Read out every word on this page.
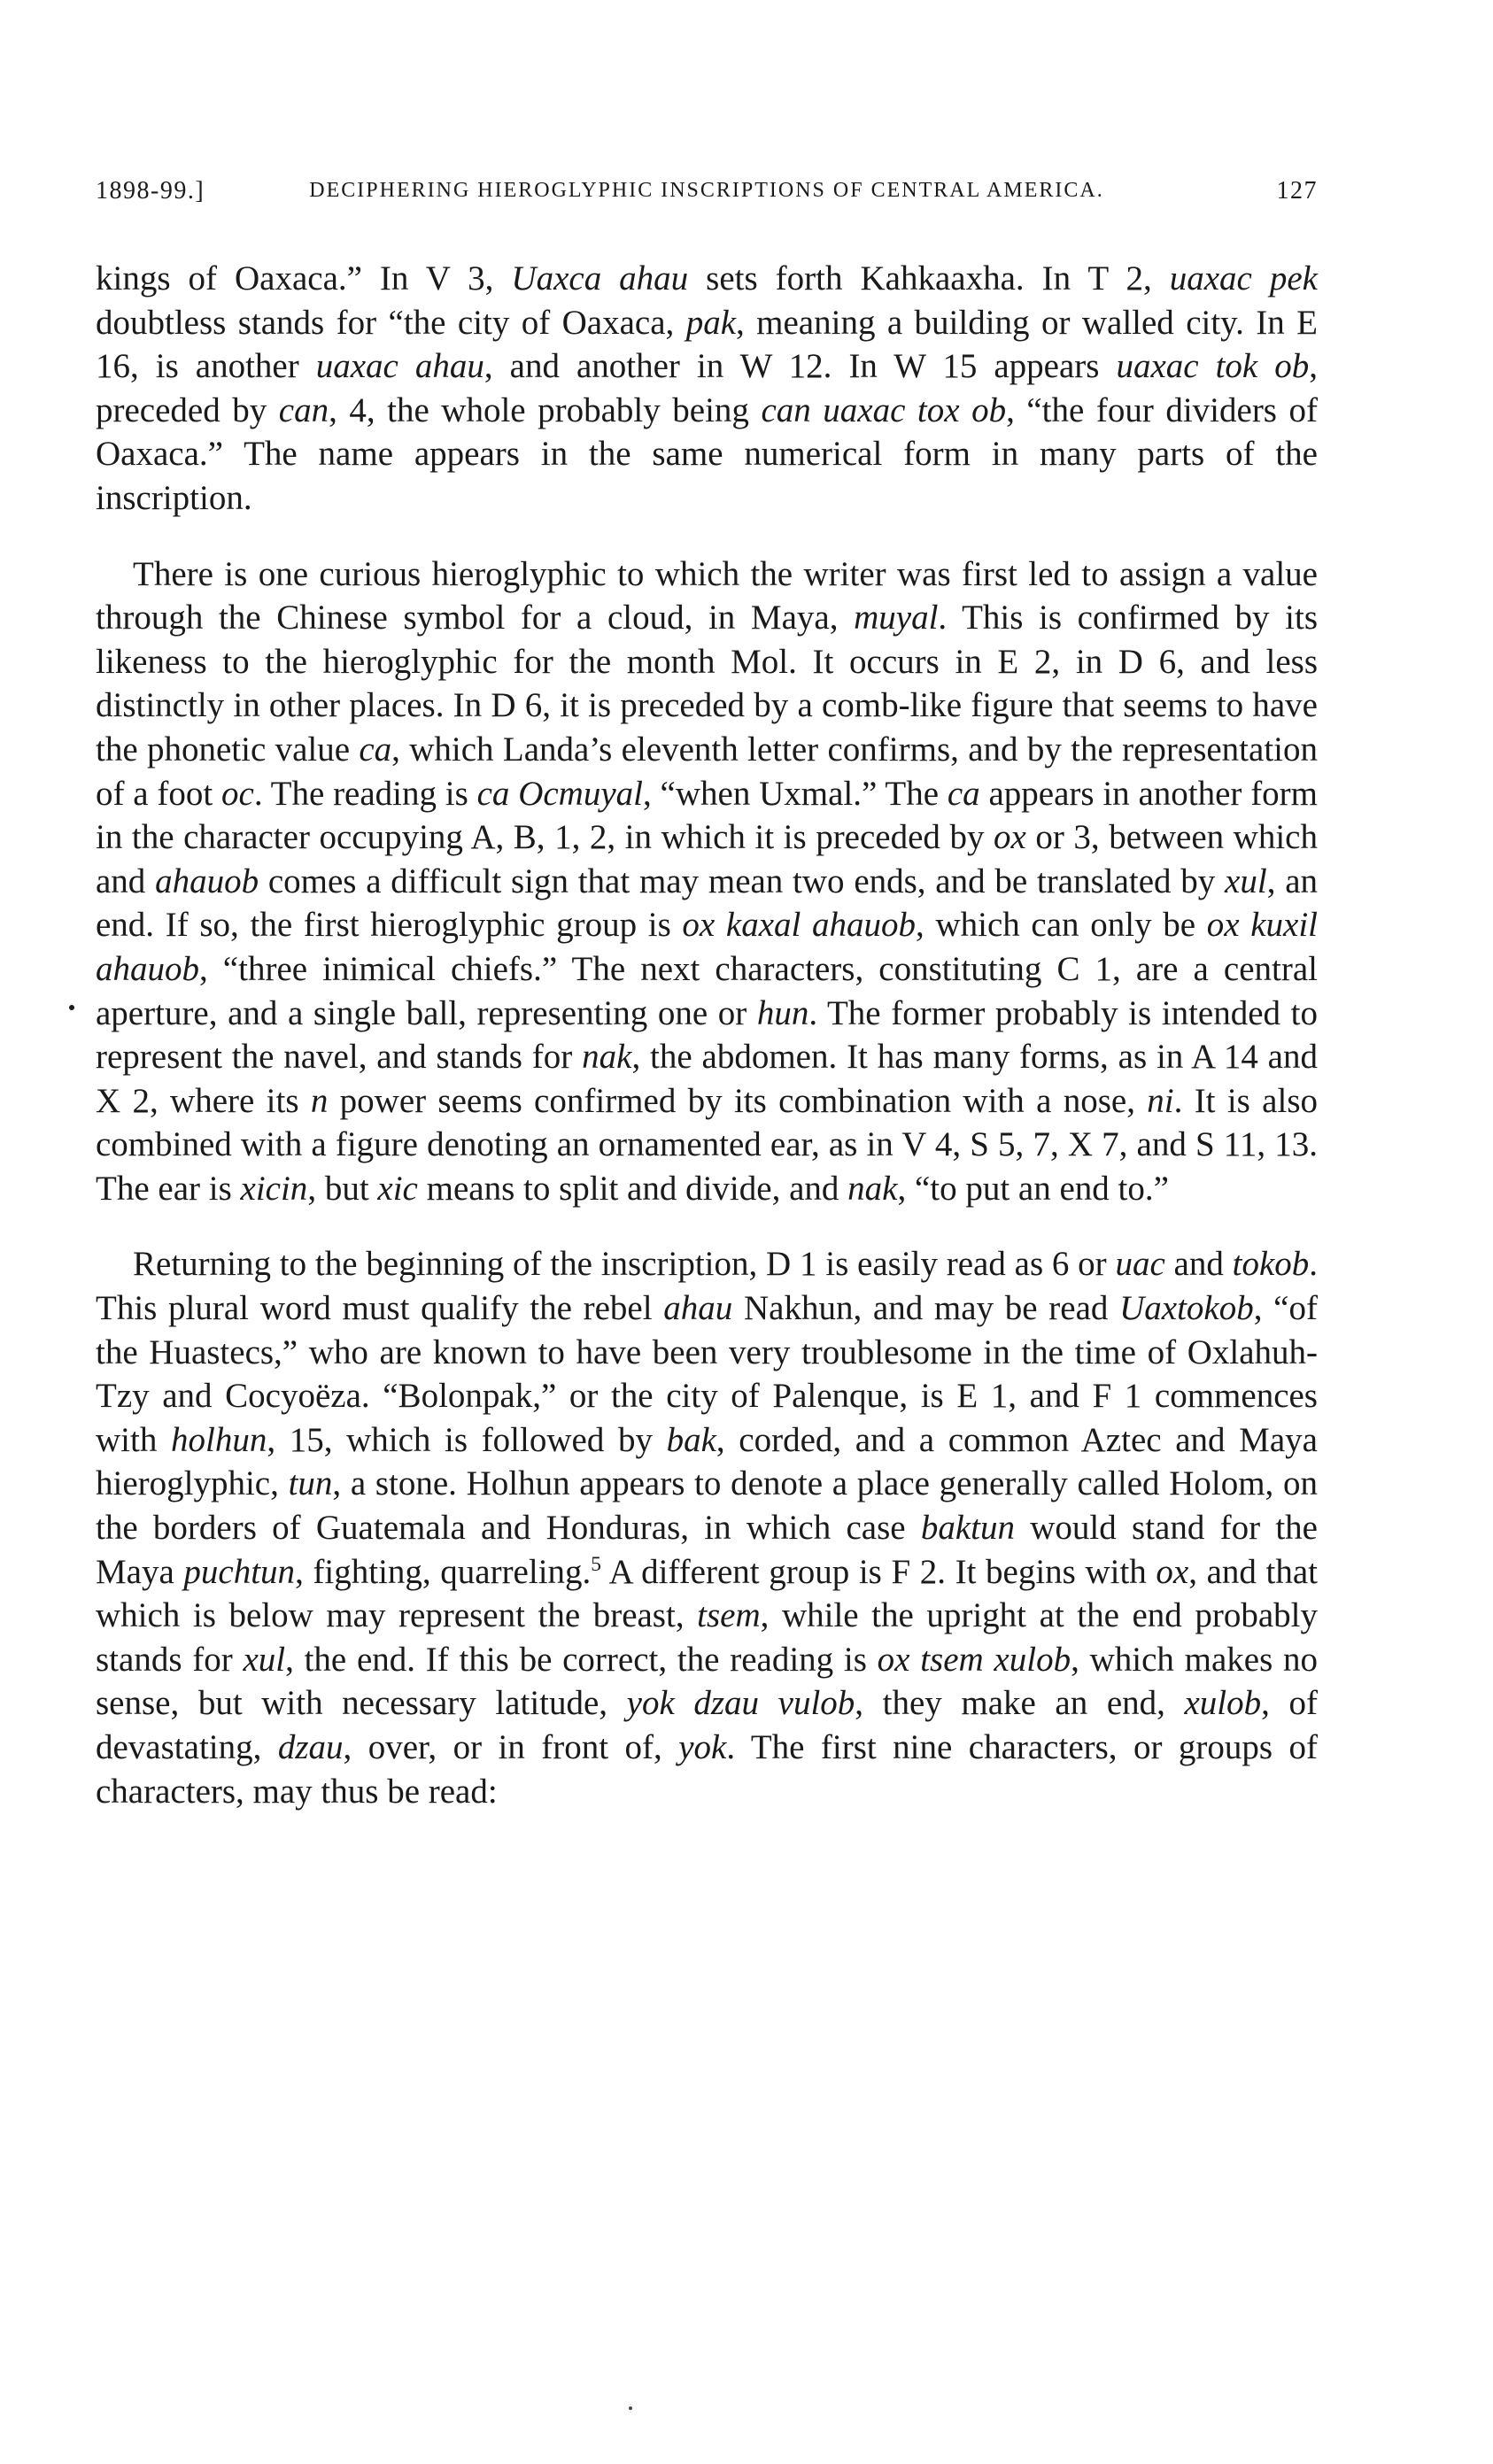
1898-99.]	DECIPHERING HIEROGLYPHIC INSCRIPTIONS OF CENTRAL AMERICA.	127

kings of Oaxaca.” In V 3, Uaxca ahau sets forth Kahkaaxha. In T 2, uaxac pek doubtless stands for “the city of Oaxaca, pak, meaning a building or walled city. In E 16, is another uaxac ahau, and another in W 12. In W 15 appears uaxac tok ob, preceded by can, 4, the whole probably being can uaxac tox ob, “the four dividers of Oaxaca.” The name appears in the same numerical form in many parts of the inscription.

There is one curious hieroglyphic to which the writer was first led to assign a value through the Chinese symbol for a cloud, in Maya, muyal. This is confirmed by its likeness to the hieroglyphic for the month Mol. It occurs in E 2, in D 6, and less distinctly in other places. In D 6, it is preceded by a comb-like figure that seems to have the phonetic value ca, which Landa’s eleventh letter confirms, and by the representation of a foot oc. The reading is ca Ocmuyal, “when Uxmal.” The ca appears in another form in the character occupying A, B, 1, 2, in which it is preceded by ox or 3, between which and ahauob comes a difficult sign that may mean two ends, and be translated by xul, an end. If so, the first hieroglyphic group is ox kaxal ahauob, which can only be ox kuxil ahauob, “three inimical chiefs.” The next characters, constituting C 1, are a central aperture, and a single ball, representing one or hun. The former probably is intended to represent the navel, and stands for nak, the abdomen. It has many forms, as in A 14 and X 2, where its n power seems confirmed by its combination with a nose, ni. It is also combined with a figure denoting an ornamented ear, as in V 4, S 5, 7, X 7, and S 11, 13. The ear is xicin, but xic means to split and divide, and nak, “to put an end to.”

Returning to the beginning of the inscription, D 1 is easily read as 6 or uac and tokob. This plural word must qualify the rebel ahau Nakhun, and may be read Uaxtokob, “of the Huastecs,” who are known to have been very troublesome in the time of Oxlahuh-Tzy and Cocyoëza. “Bolonpak,” or the city of Palenque, is E 1, and F 1 commences with holhun, 15, which is followed by bak, corded, and a common Aztec and Maya hieroglyphic, tun, a stone. Holhun appears to denote a place generally called Holom, on the borders of Guatemala and Honduras, in which case baktun would stand for the Maya puchtun, fighting, quarreling.$^5$ A different group is F 2. It begins with ox, and that which is below may represent the breast, tsem, while the upright at the end probably stands for xul, the end. If this be correct, the reading is ox tsem xulob, which makes no sense, but with necessary latitude, yok dzau vulob, they make an end, xulob, of devastating, dzau, over, or in front of, yok. The first nine characters, or groups of characters, may thus be read:
